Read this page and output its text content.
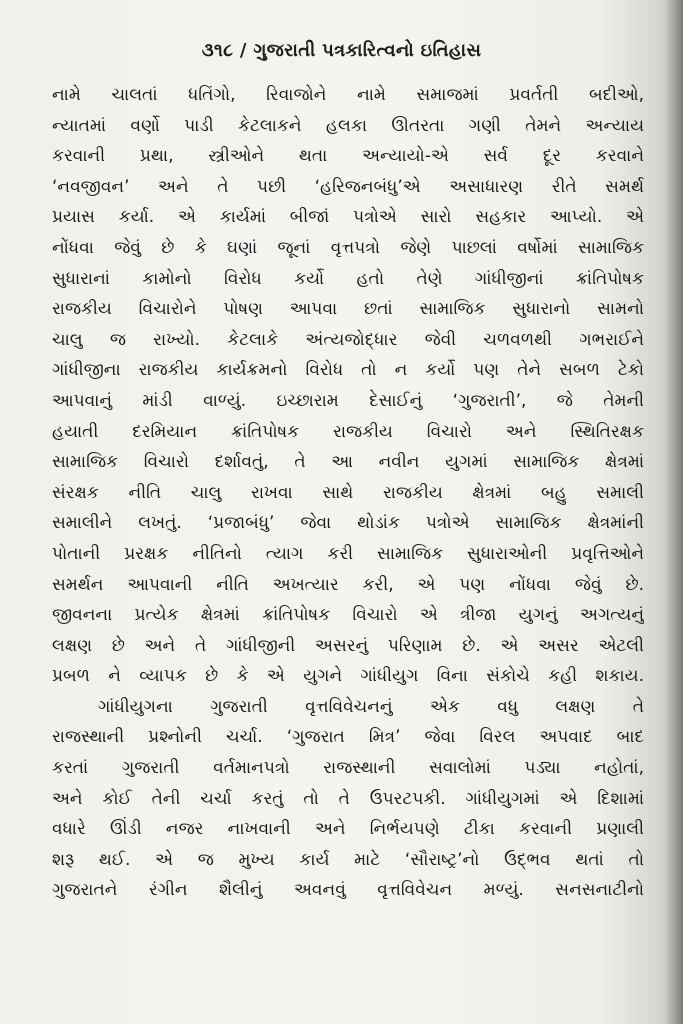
૩૧૮ / ગુજરાતી પત્રકારિત્વનો ઇતિહાસ
નામે ચાલતાં ધતિંગો, રિવાજોને નામે સમાજમાં પ્રવર્તતી બદીઓ,
ન્યાતમાં વર્ણો પાડી કેટલાકને હલકા ઊતરતા ગણી તેમને અન્યાય
કરવાની પ્રથા, સ્ત્રીઓને થતા અન્યાયો-એ સર્વ દૂર કરવાને
‘નવજીવન’ અને તે પછી ‘હરિજનબંધુ’એ અસાધારણ રીતે સમર્થ
પ્રયાસ કર્યા. એ કાર્યમાં બીજાં પત્રોએ સારો સહકાર આપ્યો. એ
નોંધવા જેવું છે કે ઘણાં જૂનાં વૃત્તપત્રો જેણે પાછલાં વર્ષોમાં સામાજિક
સુધારાનાં કામોનો વિરોધ કર્યો હતો તેણે ગાંધીજીનાં ક્રાંતિપોષક
રાજકીય વિચારોને પોષણ આપવા છતાં સામાજિક સુધારાનો સામનો
ચાલુ જ રાખ્યો. કેટલાકે અંત્યજોદ્ધાર જેવી ચળવળથી ગભરાઈને
ગાંધીજીના રાજકીય કાર્યક્રમનો વિરોધ તો ન કર્યો પણ તેને સબળ ટેકો
આપવાનું માંડી વાળ્યું. ઇચ્છારામ દેસાઈનું ‘ગુજરાતી’, જે તેમની
હયાતી દરમિયાન ક્રાંતિપોષક રાજકીય વિચારો અને સ્થિતિરક્ષક
સામાજિક વિચારો દર્શાવતું, તે આ નવીન યુગમાં સામાજિક ક્ષેત્રમાં
સંરક્ષક નીતિ ચાલુ રાખવા સાથે રાજકીય ક્ષેત્રમાં બહુ સમાલી
સમાલીને લખતું. ‘પ્રજાબંધુ’ જેવા થોડાંક પત્રોએ સામાજિક ક્ષેત્રમાંની
પોતાની પ્રરક્ષક નીતિનો ત્યાગ કરી સામાજિક સુધારાઓની પ્રવૃત્તિઓને
સમર્થન આપવાની નીતિ અખત્યાર કરી, એ પણ નોંધવા જેવું છે.
જીવનના પ્રત્યેક ક્ષેત્રમાં ક્રાંતિપોષક વિચારો એ ત્રીજા યુગનું અગત્યનું
લક્ષણ છે અને તે ગાંધીજીની અસરનું પરિણામ છે. એ અસર એટલી
પ્રબળ ને વ્યાપક છે કે એ યુગને ગાંધીયુગ વિના સંકોચે કહી શકાય.
ગાંધીયુગના ગુજરાતી વૃત્તવિવેચનનું એક વધુ લક્ષણ તે
રાજસ્થાની પ્રશ્નોની ચર્ચા. ‘ગુજરાત મિત્ર’ જેવા વિરલ અપવાદ બાદ
કરતાં ગુજરાતી વર્તમાનપત્રો રાજસ્થાની સવાલોમાં પડ્યા નહોતાં,
અને કોઈ તેની ચર્ચા કરતું તો તે ઉપરટપકી. ગાંધીયુગમાં એ દિશામાં
વધારે ઊંડી નજર નાખવાની અને નિર્ભયપણે ટીકા કરવાની પ્રણાલી
શરૂ થઈ. એ જ મુખ્ય કાર્ય માટે ‘સૌરાષ્ટ્ર’નો ઉદ્‌ભવ થતાં તો
ગુજરાતને રંગીન શૈલીનું અવનવું વૃત્તવિવેચન મળ્યું. સનસનાટીનો
